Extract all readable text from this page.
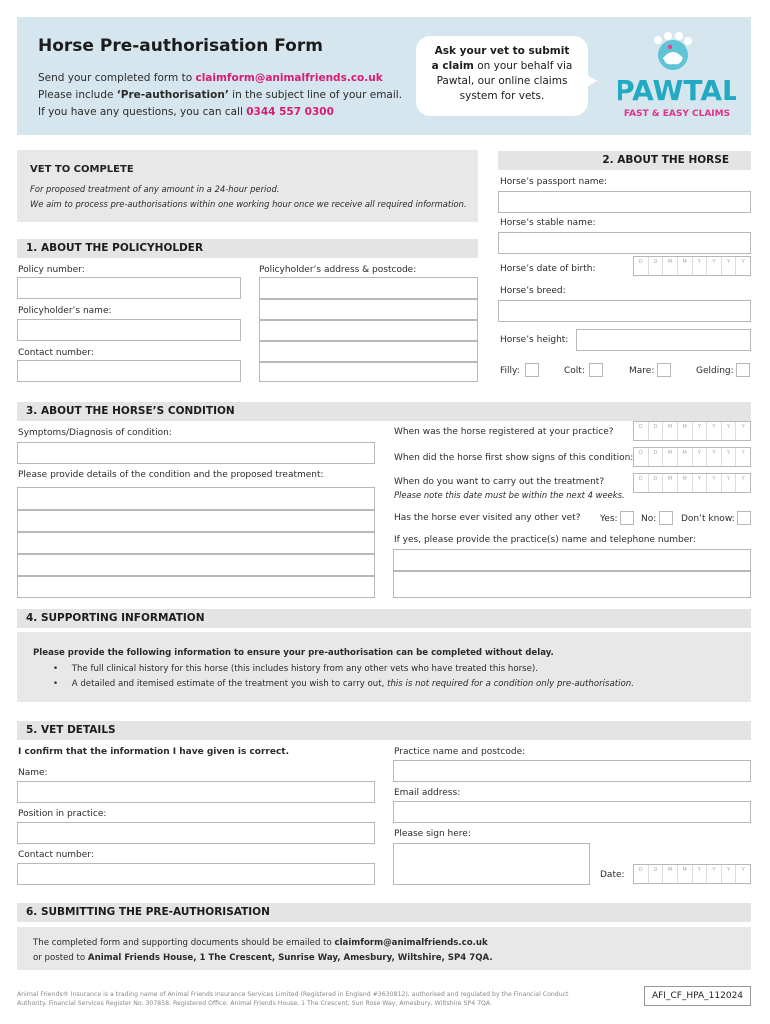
Horse Pre-authorisation Form
Send your completed form to claimform@animalfriends.co.uk
Please include ‘Pre-authorisation’ in the subject line of your email.
If you have any questions, you can call 0344 557 0300
Ask your vet to submit
a claim on your behalf via
Pawtal, our online claims
system for vets.	PAWTAL
FAST & EASY CLAIMS
VET TO COMPLETE
For proposed treatment of any amount in a 24-hour period.
We aim to process pre-authorisations within one working hour once we receive all required information.
1. ABOUT THE POLICYHOLDER
Policy number:	Policyholder’s address & postcode:
Policyholder’s name:
Contact number:
2. ABOUT THE HORSE
Horse’s passport name:
Horse’s stable name:
Horse’s date of birth:
D	D	M	M	Y	Y	Y	Y
Horse’s breed:
Horse’s height:
Filly:	Colt:	Mare:	Gelding:
3. ABOUT THE HORSE’S CONDITION
Symptoms/Diagnosis of condition:
Please provide details of the condition and the proposed treatment:
When was the horse registered at your practice?	D	D	M	M	Y	Y	Y	Y
When did the horse first show signs of this condition:	D	D	M	M	Y	Y	Y	Y
When do you want to carry out the treatment?
Please note this date must be within the next 4 weeks.
D	D	M	M	Y	Y	Y	Y
Has the horse ever visited any other vet? Yes:	No:	Don’t know:
If yes, please provide the practice(s) name and telephone number:
4. SUPPORTING INFORMATION
Please provide the following information to ensure your pre-authorisation can be completed without delay.
•     The full clinical history for this horse (this includes history from any other vets who have treated this horse).
•     A detailed and itemised estimate of the treatment you wish to carry out, this is not required for a condition only pre-authorisation.
5. VET DETAILS
I confirm that the information I have given is correct.
Name:
Position in practice:
Contact number:
Practice name and postcode:
Email address:
Please sign here:
Date:	D	D	M	M	Y	Y	Y	Y
6. SUBMITTING THE PRE-AUTHORISATION
The completed form and supporting documents should be emailed to claimform@animalfriends.co.uk
or posted to Animal Friends House, 1 The Crescent, Sunrise Way, Amesbury, Wiltshire, SP4 7QA.
Animal Friends® Insurance is a trading name of Animal Friends Insurance Services Limited (Registered in England #3630812), authorised and regulated by the Financial Conduct Authority. Financial Services Register No. 307858. Registered Office: Animal Friends House, 1 The Crescent, Sun Rose Way, Amesbury, Wiltshire SP4 7QA.
AFI_CF_HPA_112024
